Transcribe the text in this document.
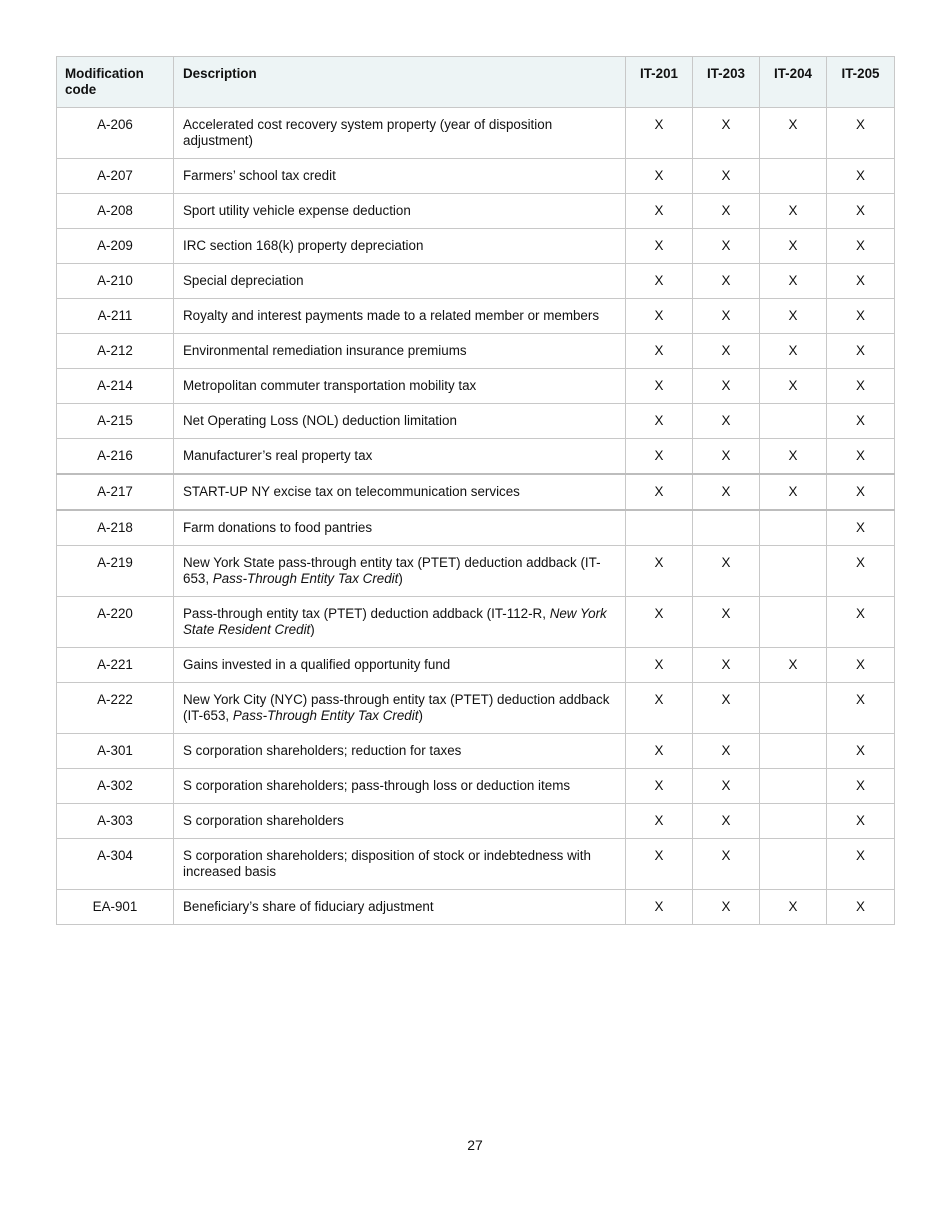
Modification code	Description	IT-201	IT-203	IT-204	IT-205
A-206	Accelerated cost recovery system property (year of disposition adjustment)	X	X	X	X
A-207	Farmers’ school tax credit	X	X		X
A-208	Sport utility vehicle expense deduction	X	X	X	X
A-209	IRC section 168(k) property depreciation	X	X	X	X
A-210	Special depreciation	X	X	X	X
A-211	Royalty and interest payments made to a related member or members	X	X	X	X
A-212	Environmental remediation insurance premiums	X	X	X	X
A-214	Metropolitan commuter transportation mobility tax	X	X	X	X
A-215	Net Operating Loss (NOL) deduction limitation	X	X		X
A-216	Manufacturer’s real property tax	X	X	X	X
A-217	START-UP NY excise tax on telecommunication services	X	X	X	X
A-218	Farm donations to food pantries				X
A-219	New York State pass-through entity tax (PTET) deduction addback (IT-653, Pass-Through Entity Tax Credit)	X	X		X
A-220	Pass-through entity tax (PTET) deduction addback (IT-112-R, New York State Resident Credit)	X	X		X
A-221	Gains invested in a qualified opportunity fund	X	X	X	X
A-222	New York City (NYC) pass-through entity tax (PTET) deduction addback (IT-653, Pass-Through Entity Tax Credit)	X	X		X
A-301	S corporation shareholders; reduction for taxes	X	X		X
A-302	S corporation shareholders; pass-through loss or deduction items	X	X		X
A-303	S corporation shareholders	X	X		X
A-304	S corporation shareholders; disposition of stock or indebtedness with increased basis	X	X		X
EA-901	Beneficiary’s share of fiduciary adjustment	X	X	X	X
27
